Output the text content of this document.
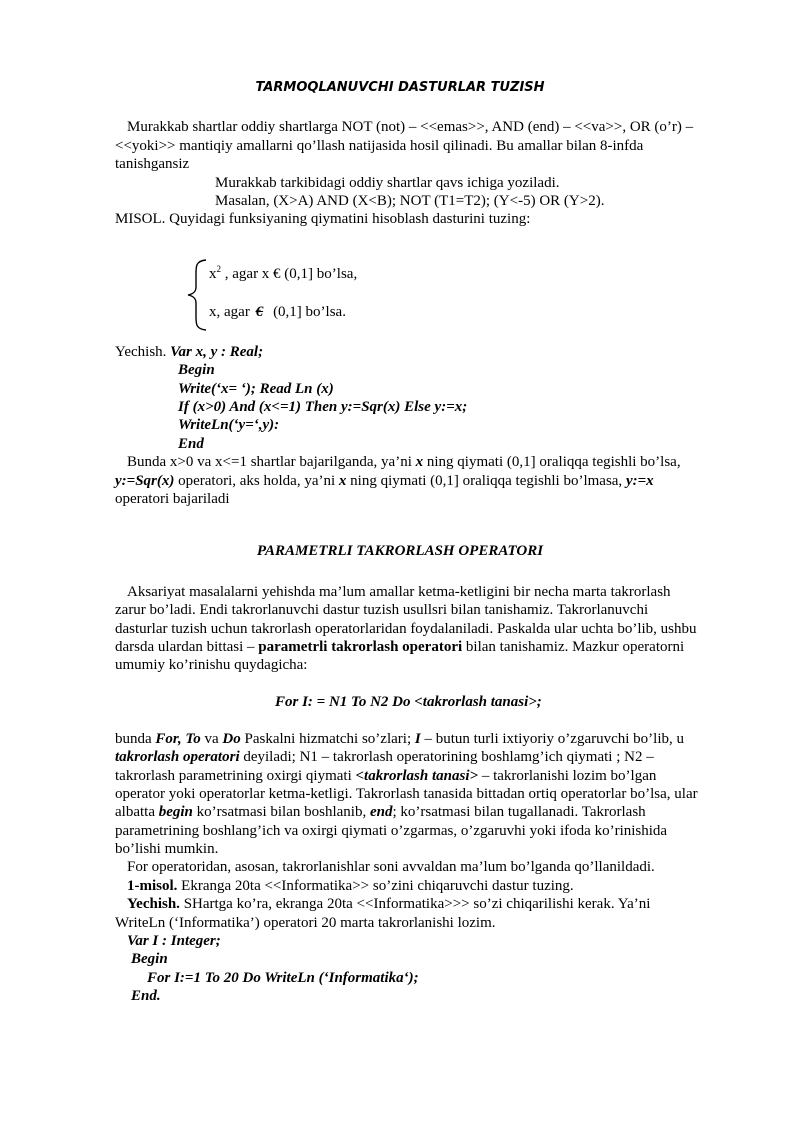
TARMOQLANUVCHI DASTURLAR TUZISH
Murakkab shartlar oddiy shartlarga NOT (not) – <<emas>>, AND (end) – <<va>>, OR (o’r) –
<<yoki>> mantiqiy amallarni qo’llash natijasida hosil qilinadi. Bu amallar bilan 8-infda
tanishgansiz
Murakkab tarkibidagi oddiy shartlar qavs ichiga yoziladi.
Masalan, (X>A) AND (X<B); NOT (T1=T2); (Y<-5) OR (Y>2).
MISOL. Quyidagi funksiyaning qiymatini hisoblash dasturini tuzing:
$x^2$ , agar x € (0,1] bo’lsa,
x, agar € (0,1] bo’lsa.
Yechish. Var x, y : Real;
Begin
Write(‘x= ‘); Read Ln (x)
If (x>0) And (x<=1) Then y:=Sqr(x) Else y:=x;
WriteLn(‘y=‘,y):
End
Bunda x>0 va x<=1 shartlar bajarilganda, ya’ni x ning qiymati (0,1] oraliqqa tegishli bo’lsa,
y:=Sqr(x) operatori, aks holda, ya’ni x ning qiymati (0,1] oraliqqa tegishli bo’lmasa, y:=x
operatori bajariladi
PARAMETRLI TAKRORLASH OPERATORI
Aksariyat masalalarni yehishda ma’lum amallar ketma-ketligini bir necha marta takrorlash
zarur bo’ladi. Endi takrorlanuvchi dastur tuzish usullsri bilan tanishamiz. Takrorlanuvchi
dasturlar tuzish uchun takrorlash operatorlaridan foydalaniladi. Paskalda ular uchta bo’lib, ushbu
darsda ulardan bittasi – parametrli takrorlash operatori bilan tanishamiz. Mazkur operatorni
umumiy ko’rinishu quydagicha:
For I: = N1 To N2 Do <takrorlash tanasi>;
bunda For, To va Do Paskalni hizmatchi so’zlari; I – butun turli ixtiyoriy o’zgaruvchi bo’lib, u
takrorlash operatori deyiladi; N1 – takrorlash operatorining boshlamg’ich qiymati ; N2 –
takrorlash parametrining oxirgi qiymati <takrorlash tanasi> – takrorlanishi lozim bo’lgan
operator yoki operatorlar ketma-ketligi. Takrorlash tanasida bittadan ortiq operatorlar bo’lsa, ular
albatta begin ko’rsatmasi bilan boshlanib, end; ko’rsatmasi bilan tugallanadi. Takrorlash
parametrining boshlang’ich va oxirgi qiymati o’zgarmas, o’zgaruvhi yoki ifoda ko’rinishida
bo’lishi mumkin.
For operatoridan, asosan, takrorlanishlar soni avvaldan ma’lum bo’lganda qo’llanildadi.
1-misol. Ekranga 20ta <<Informatika>> so’zini chiqaruvchi dastur tuzing.
Yechish. SHartga ko’ra, ekranga 20ta <<Informatika>>> so’zi chiqarilishi kerak. Ya’ni
WriteLn (‘Informatika’) operatori 20 marta takrorlanishi lozim.
Var I : Integer;
Begin
For I:=1 To 20 Do WriteLn (‘Informatika‘);
End.
